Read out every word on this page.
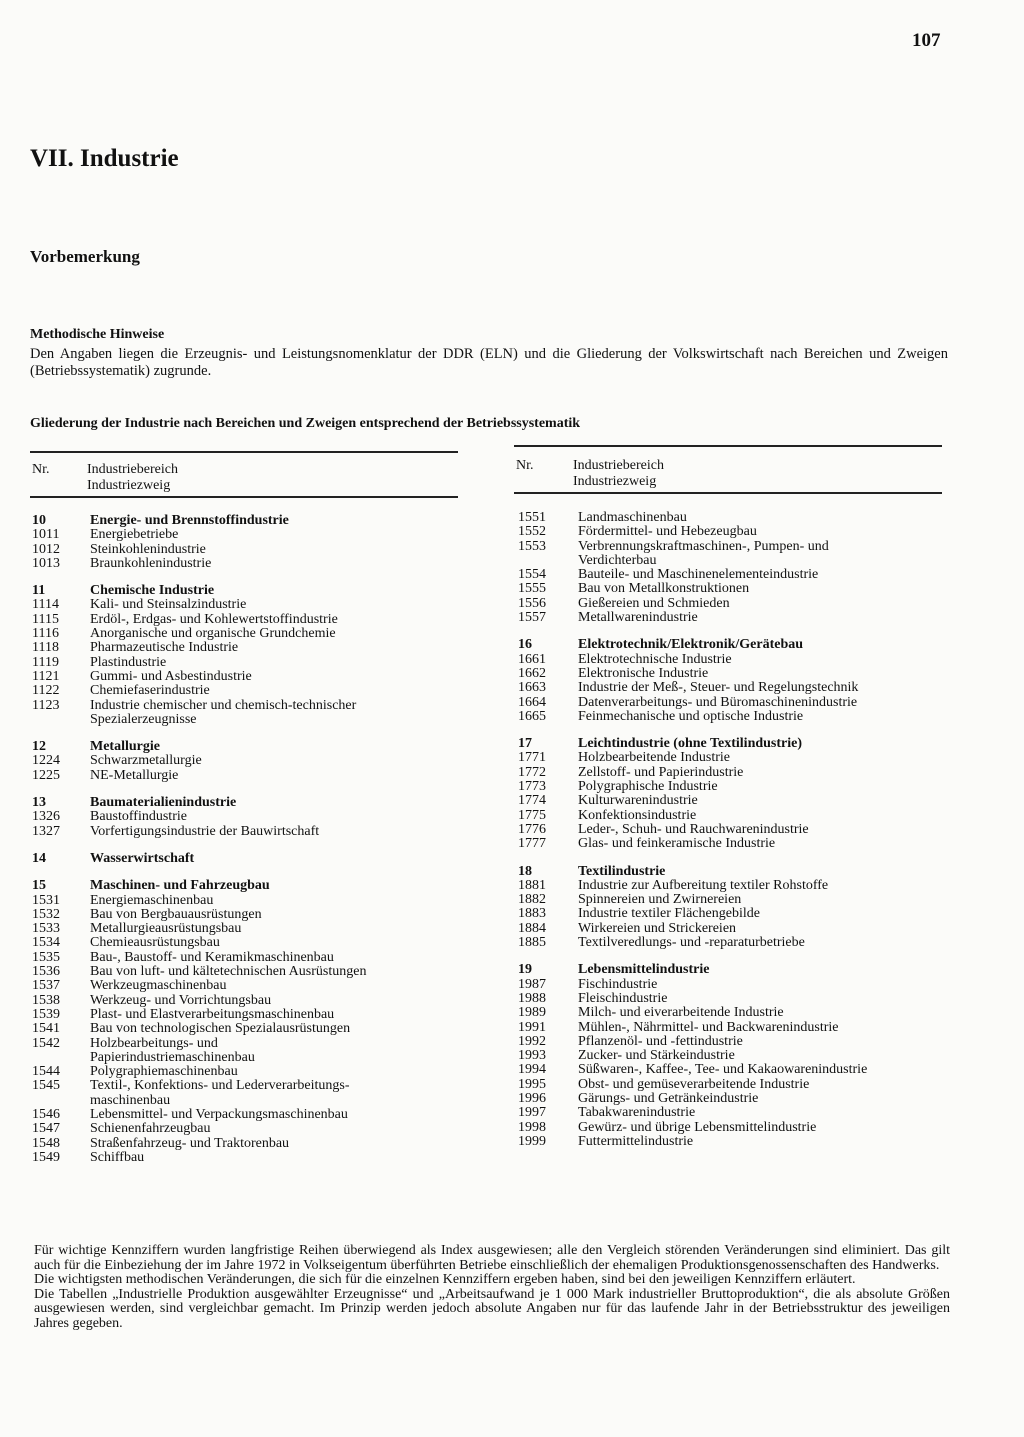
107
VII. Industrie
Vorbemerkung
Methodische Hinweise
Den Angaben liegen die Erzeugnis- und Leistungsnomenklatur der DDR (ELN) und die Gliederung der Volkswirtschaft nach Bereichen und Zweigen (Betriebssystematik) zugrunde.
Gliederung der Industrie nach Bereichen und Zweigen entsprechend der Betriebssystematik
Nr.	Industriebereich
Industriezweig
Nr.	Industriebereich
Industriezweig
10	Energie- und Brennstoffindustrie
1011 Energiebetriebe
1012 Steinkohlenindustrie
1013 Braunkohlenindustrie
11	Chemische Industrie
1114 Kali- und Steinsalzindustrie
1115 Erdöl-, Erdgas- und Kohlewertstoffindustrie
1116 Anorganische und organische Grundchemie
1118 Pharmazeutische Industrie
1119 Plastindustrie
1121 Gummi- und Asbestindustrie
1122 Chemiefaserindustrie
1123 Industrie chemischer und chemisch-technischer
Spezialerzeugnisse
12	Metallurgie
1224 Schwarzmetallurgie
1225 NE-Metallurgie
13	Baumaterialienindustrie
1326 Baustoffindustrie
1327 Vorfertigungsindustrie der Bauwirtschaft
14	Wasserwirtschaft
15	Maschinen- und Fahrzeugbau
1531 Energiemaschinenbau
1532 Bau von Bergbauausrüstungen
1533 Metallurgieausrüstungsbau
1534 Chemieausrüstungsbau
1535 Bau-, Baustoff- und Keramikmaschinenbau
1536 Bau von luft- und kältetechnischen Ausrüstungen
1537 Werkzeugmaschinenbau
1538 Werkzeug- und Vorrichtungsbau
1539 Plast- und Elastverarbeitungsmaschinenbau
1541 Bau von technologischen Spezialausrüstungen
1542 Holzbearbeitungs- und
Papierindustriemaschinenbau
1544 Polygraphiemaschinenbau
1545 Textil-, Konfektions- und Lederverarbeitungs-
maschinenbau
1546 Lebensmittel- und Verpackungsmaschinenbau
1547 Schienenfahrzeugbau
1548 Straßenfahrzeug- und Traktorenbau
1549 Schiffbau
1551 Landmaschinenbau
1552 Fördermittel- und Hebezeugbau
1553 Verbrennungskraftmaschinen-, Pumpen- und
Verdichterbau
1554 Bauteile- und Maschinenelementeindustrie
1555 Bau von Metallkonstruktionen
1556 Gießereien und Schmieden
1557 Metallwarenindustrie
16	Elektrotechnik/Elektronik/Gerätebau
1661 Elektrotechnische Industrie
1662 Elektronische Industrie
1663 Industrie der Meß-, Steuer- und Regelungstechnik
1664 Datenverarbeitungs- und Büromaschinenindustrie
1665 Feinmechanische und optische Industrie
17	Leichtindustrie (ohne Textilindustrie)
1771 Holzbearbeitende Industrie
1772 Zellstoff- und Papierindustrie
1773 Polygraphische Industrie
1774 Kulturwarenindustrie
1775 Konfektionsindustrie
1776 Leder-, Schuh- und Rauchwarenindustrie
1777 Glas- und feinkeramische Industrie
18	Textilindustrie
1881 Industrie zur Aufbereitung textiler Rohstoffe
1882 Spinnereien und Zwirnereien
1883 Industrie textiler Flächengebilde
1884 Wirkereien und Strickereien
1885 Textilveredlungs- und -reparaturbetriebe
19	Lebensmittelindustrie
1987 Fischindustrie
1988 Fleischindustrie
1989 Milch- und eiverarbeitende Industrie
1991 Mühlen-, Nährmittel- und Backwarenindustrie
1992 Pflanzenöl- und -fettindustrie
1993 Zucker- und Stärkeindustrie
1994 Süßwaren-, Kaffee-, Tee- und Kakaowarenindustrie
1995 Obst- und gemüseverarbeitende Industrie
1996 Gärungs- und Getränkeindustrie
1997 Tabakwarenindustrie
1998 Gewürz- und übrige Lebensmittelindustrie
1999 Futtermittelindustrie

Für wichtige Kennziffern wurden langfristige Reihen überwiegend als Index ausgewiesen; alle den Vergleich störenden Veränderungen sind eliminiert. Das gilt auch für die Einbeziehung der im Jahre 1972 in Volkseigentum überführten Betriebe einschließlich der ehemaligen Produktionsgenossenschaften des Handwerks.

Die wichtigsten methodischen Veränderungen, die sich für die einzelnen Kennziffern ergeben haben, sind bei den jeweiligen Kennziffern erläutert.

Die Tabellen „Industrielle Produktion ausgewählter Erzeugnisse“ und „Arbeitsaufwand je 1 000 Mark industrieller Bruttoproduktion“, die als absolute Größen ausgewiesen werden, sind vergleichbar gemacht. Im Prinzip werden jedoch absolute Angaben nur für das laufende Jahr in der Betriebsstruktur des jeweiligen Jahres gegeben.
